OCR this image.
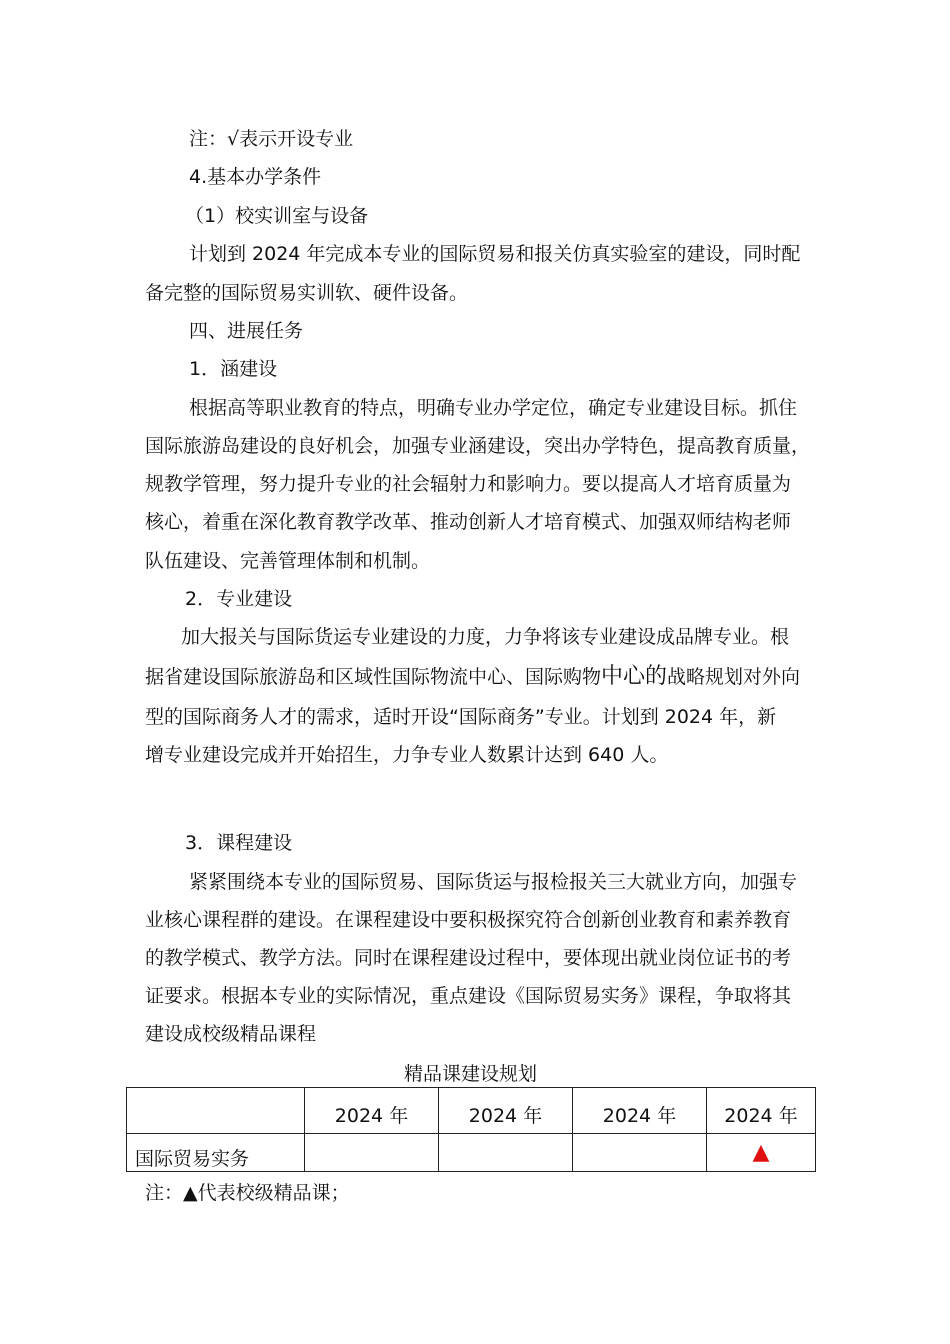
注：√表示开设专业
4.基本办学条件
（1）校实训室与设备
计划到 2024 年完成本专业的国际贸易和报关仿真实验室的建设，同时配
备完整的国际贸易实训软、硬件设备。
四、进展任务
1．涵建设
根据高等职业教育的特点，明确专业办学定位，确定专业建设目标。抓住
国际旅游岛建设的良好机会，加强专业涵建设，突出办学特色，提高教育质量，
规教学管理，努力提升专业的社会辐射力和影响力。要以提高人才培育质量为
核心，着重在深化教育教学改革、推动创新人才培育模式、加强双师结构老师
队伍建设、完善管理体制和机制。
2．专业建设
加大报关与国际货运专业建设的力度，力争将该专业建设成品牌专业。根
据省建设国际旅游岛和区域性国际物流中心、国际购物中心的战略规划对外向
型的国际商务人才的需求，适时开设“国际商务”专业。计划到 2024 年，新
增专业建设完成并开始招生，力争专业人数累计达到 640 人。
3．课程建设
紧紧围绕本专业的国际贸易、国际货运与报检报关三大就业方向，加强专
业核心课程群的建设。在课程建设中要积极探究符合创新创业教育和素养教育
的教学模式、教学方法。同时在课程建设过程中，要体现出就业岗位证书的考
证要求。根据本专业的实际情况，重点建设《国际贸易实务》课程，争取将其
建设成校级精品课程
精品课建设规划
	2024 年	2024 年	2024 年	2024 年
国际贸易实务				▲
注：▲代表校级精品课；
